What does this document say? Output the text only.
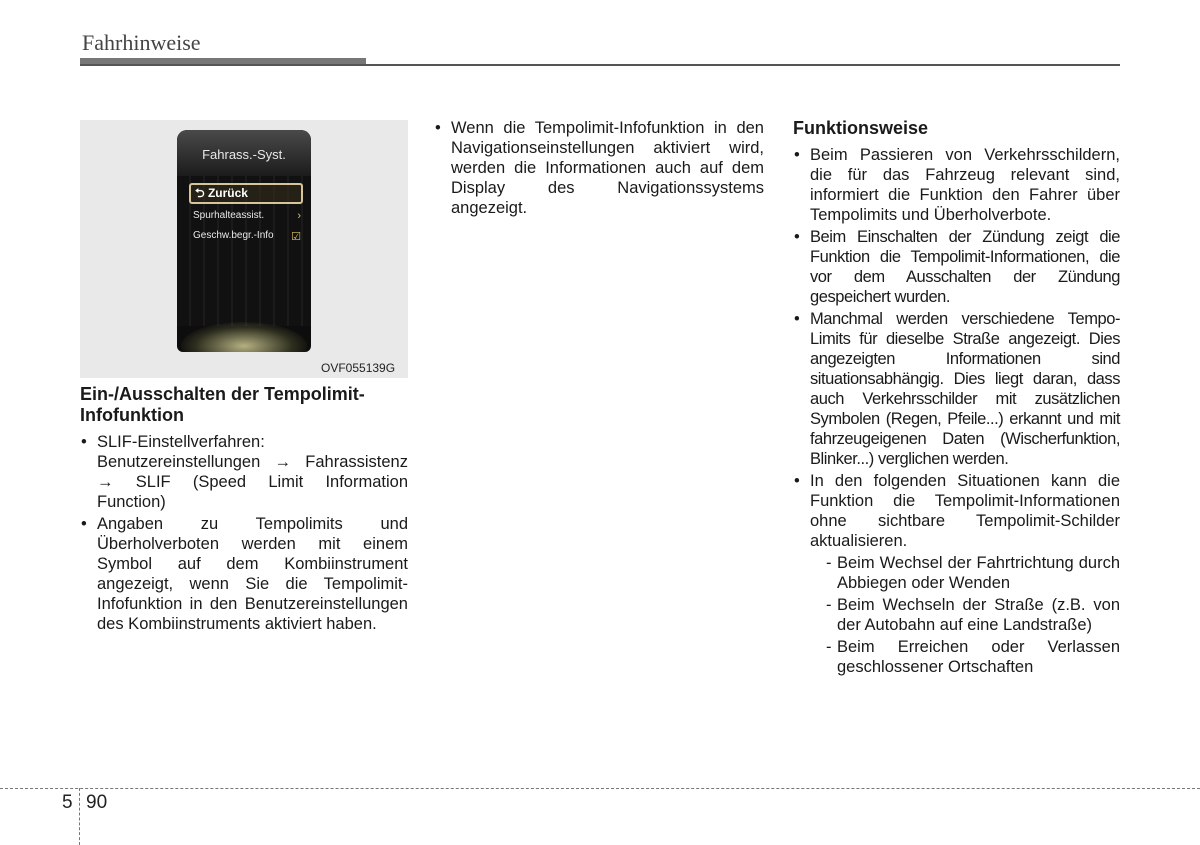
Fahrhinweise
Fahrass.-Syst.
⮌ Zurück
Spurhalteassist.	›
Geschw.begr.-Info ☑
OVF055139G
Ein-/Ausschalten der Tempolimit-Infofunktion
• SLIF-Einstellverfahren:
Benutzereinstellungen → Fahrassistenz → SLIF (Speed Limit Information Function)
• Angaben zu Tempolimits und Überholverboten werden mit einem Symbol auf dem Kombiinstrument angezeigt, wenn Sie die Tempolimit-Infofunktion in den Benutzereinstellungen des Kombiinstruments aktiviert haben.
• Wenn die Tempolimit-Infofunktion in den Navigationseinstellungen aktiviert wird, werden die Informationen auch auf dem Display des Navigationssystems angezeigt.
Funktionsweise
• Beim Passieren von Verkehrsschildern, die für das Fahrzeug relevant sind, informiert die Funktion den Fahrer über Tempolimits und Überholverbote.
• Beim Einschalten der Zündung zeigt die Funktion die Tempolimit-Informationen, die vor dem Ausschalten der Zündung gespeichert wurden.
• Manchmal werden verschiedene Tempo-Limits für dieselbe Straße angezeigt. Dies angezeigten Informationen sind situationsabhängig. Dies liegt daran, dass auch Verkehrsschilder mit zusätzlichen Symbolen (Regen, Pfeile...) erkannt und mit fahrzeugeigenen Daten (Wischerfunktion, Blinker...) verglichen werden.
• In den folgenden Situationen kann die Funktion die Tempolimit-Informationen ohne sichtbare Tempolimit-Schilder aktualisieren.
- Beim Wechsel der Fahrtrichtung durch Abbiegen oder Wenden
- Beim Wechseln der Straße (z.B. von der Autobahn auf eine Landstraße)
- Beim Erreichen oder Verlassen geschlossener Ortschaften
5 90
